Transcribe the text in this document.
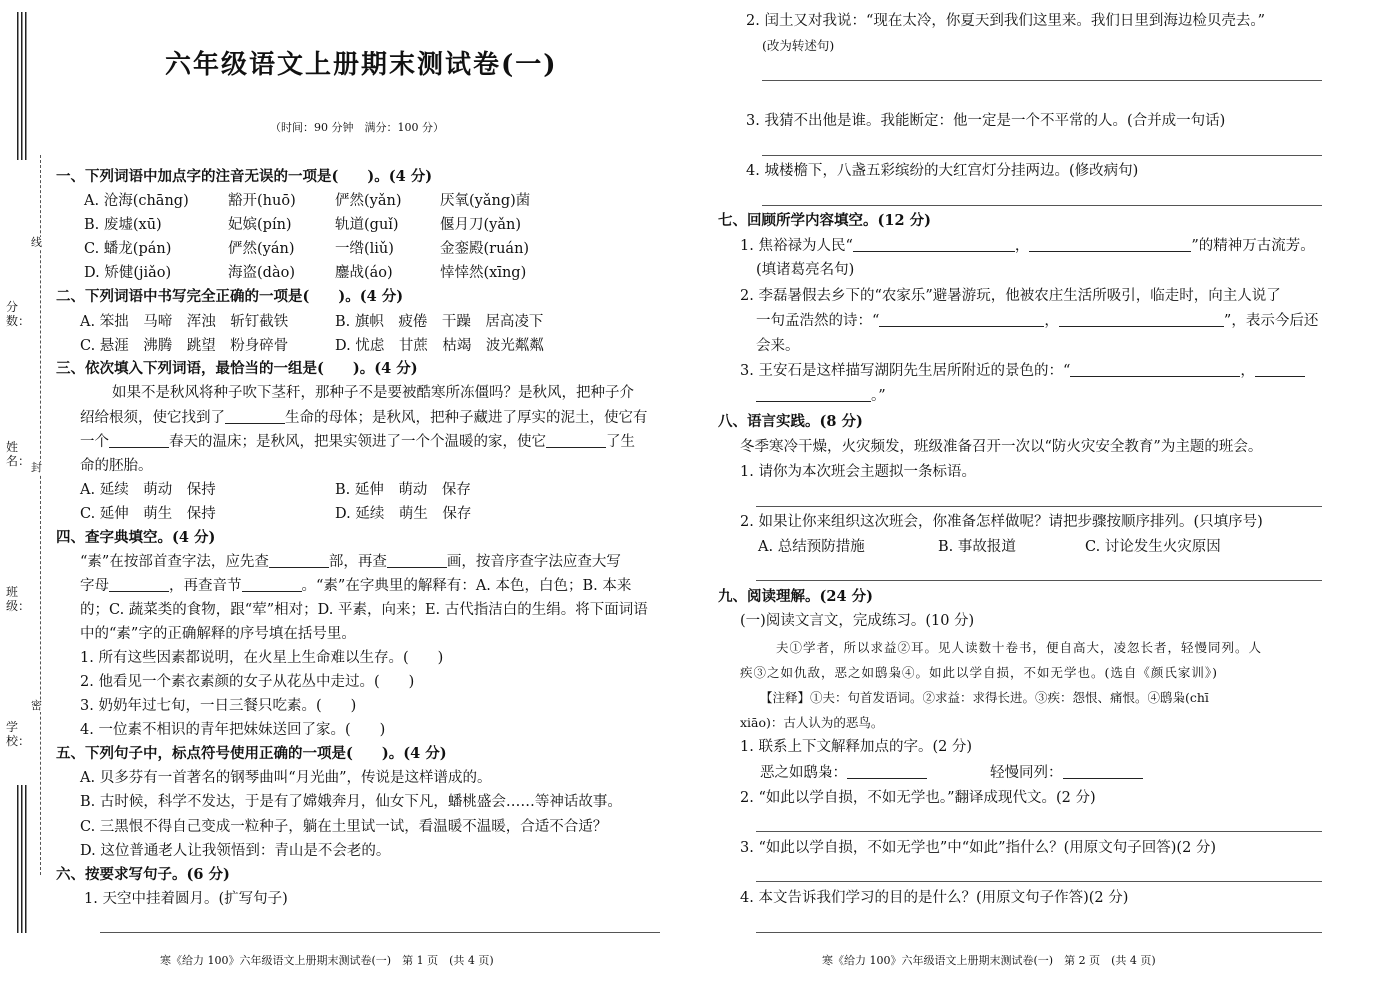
分数：
姓名：
班级：
学校：
线
封
密
六年级语文上册期末测试卷(一)
（时间：90 分钟　满分：100 分）
一、下列词语中加点字的注音无误的一项是(　　)。(4 分)
A. 沧海(chāng)	豁开(huō)	俨然(yǎn)	厌氧(yǎng)菌
B. 废墟(xū)	妃嫔(pín)	轨道(guǐ)	偃月刀(yǎn)
C. 蟠龙(pán)	俨然(yán)	一绺(liǔ)	金銮殿(ruán)
D. 矫健(jiǎo)	海盗(dào)	鏖战(áo)	悻悻然(xīng)
二、下列词语中书写完全正确的一项是(　　)。(4 分)
A. 笨拙　马啼　浑浊　斩钉截铁	B. 旗帜　疲倦　干躁　居高凌下
C. 悬涯　沸腾　跳望　粉身碎骨	D. 忧虑　甘蔗　枯竭　波光粼粼
三、依次填入下列词语，最恰当的一组是(　　)。(4 分)
如果不是秋风将种子吹下茎秆，那种子不是要被酷寒所冻僵吗？是秋风，把种子介
绍给根须，使它找到了	生命的母体；是秋风，把种子藏进了厚实的泥土，使它有
一个	春天的温床；是秋风，把果实领进了一个个温暖的家，使它	了生
命的胚胎。
A. 延续　萌动　保持	B. 延伸　萌动　保存
C. 延伸　萌生　保持	D. 延续　萌生　保存
四、查字典填空。(4 分)
“素”在按部首查字法，应先查	部，再查	画，按音序查字法应查大写
字母	，再查音节	。“素”在字典里的解释有：A. 本色，白色；B. 本来
的；C. 蔬菜类的食物，跟“荤”相对；D. 平素，向来；E. 古代指洁白的生绢。将下面词语
中的“素”字的正确解释的序号填在括号里。
1. 所有这些因素都说明，在火星上生命难以生存。(　　)
2. 他看见一个素衣素颜的女子从花丛中走过。(　　)
3. 奶奶年过七旬，一日三餐只吃素。(　　)
4. 一位素不相识的青年把妹妹送回了家。(　　)
五、下列句子中，标点符号使用正确的一项是(　　)。(4 分)
A. 贝多芬有一首著名的钢琴曲叫“月光曲”，传说是这样谱成的。
B. 古时候，科学不发达，于是有了嫦娥奔月，仙女下凡，蟠桃盛会……等神话故事。
C. 三黑恨不得自己变成一粒种子，躺在土里试一试，看温暖不温暖，合适不合适？
D. 这位普通老人让我领悟到：青山是不会老的。
六、按要求写句子。(6 分)
1. 天空中挂着圆月。(扩写句子)
寒《给力 100》六年级语文上册期末测试卷(一)　第 1 页　(共 4 页)
2. 闰土又对我说：“现在太冷，你夏天到我们这里来。我们日里到海边检贝壳去。”
(改为转述句)
3. 我猜不出他是谁。我能断定：他一定是一个不平常的人。(合并成一句话)
4. 城楼檐下，八盏五彩缤纷的大红宫灯分挂两边。(修改病句)
七、回顾所学内容填空。(12 分)
1. 焦裕禄为人民“	，	”的精神万古流芳。
(填诸葛亮名句)
2. 李磊暑假去乡下的“农家乐”避暑游玩，他被农庄生活所吸引，临走时，向主人说了
一句孟浩然的诗：“	，	”，表示今后还
会来。
3. 王安石是这样描写湖阴先生居所附近的景色的：“	，
。”
八、语言实践。(8 分)
冬季寒冷干燥，火灾频发，班级准备召开一次以“防火灾安全教育”为主题的班会。
1. 请你为本次班会主题拟一条标语。
2. 如果让你来组织这次班会，你准备怎样做呢？请把步骤按顺序排列。(只填序号)
A. 总结预防措施	B. 事故报道	C. 讨论发生火灾原因
九、阅读理解。(24 分)
(一)阅读文言文，完成练习。(10 分)
夫①学者，所以求益②耳。见人读数十卷书，便自高大，凌忽长者，轻慢同列。人
疾③之如仇敌，恶之如鸱枭④。如此以学自损，不如无学也。(选自《颜氏家训》)
【注释】①夫：句首发语词。②求益：求得长进。③疾：怨恨、痛恨。④鸱枭(chī
xiāo)：古人认为的恶鸟。
1. 联系上下文解释加点的字。(2 分)
恶之如鸱枭：	轻慢同列：
2. “如此以学自损，不如无学也。”翻译成现代文。(2 分)
3. “如此以学自损，不如无学也”中“如此”指什么？(用原文句子回答)(2 分)
4. 本文告诉我们学习的目的是什么？(用原文句子作答)(2 分)
寒《给力 100》六年级语文上册期末测试卷(一)　第 2 页　(共 4 页)
